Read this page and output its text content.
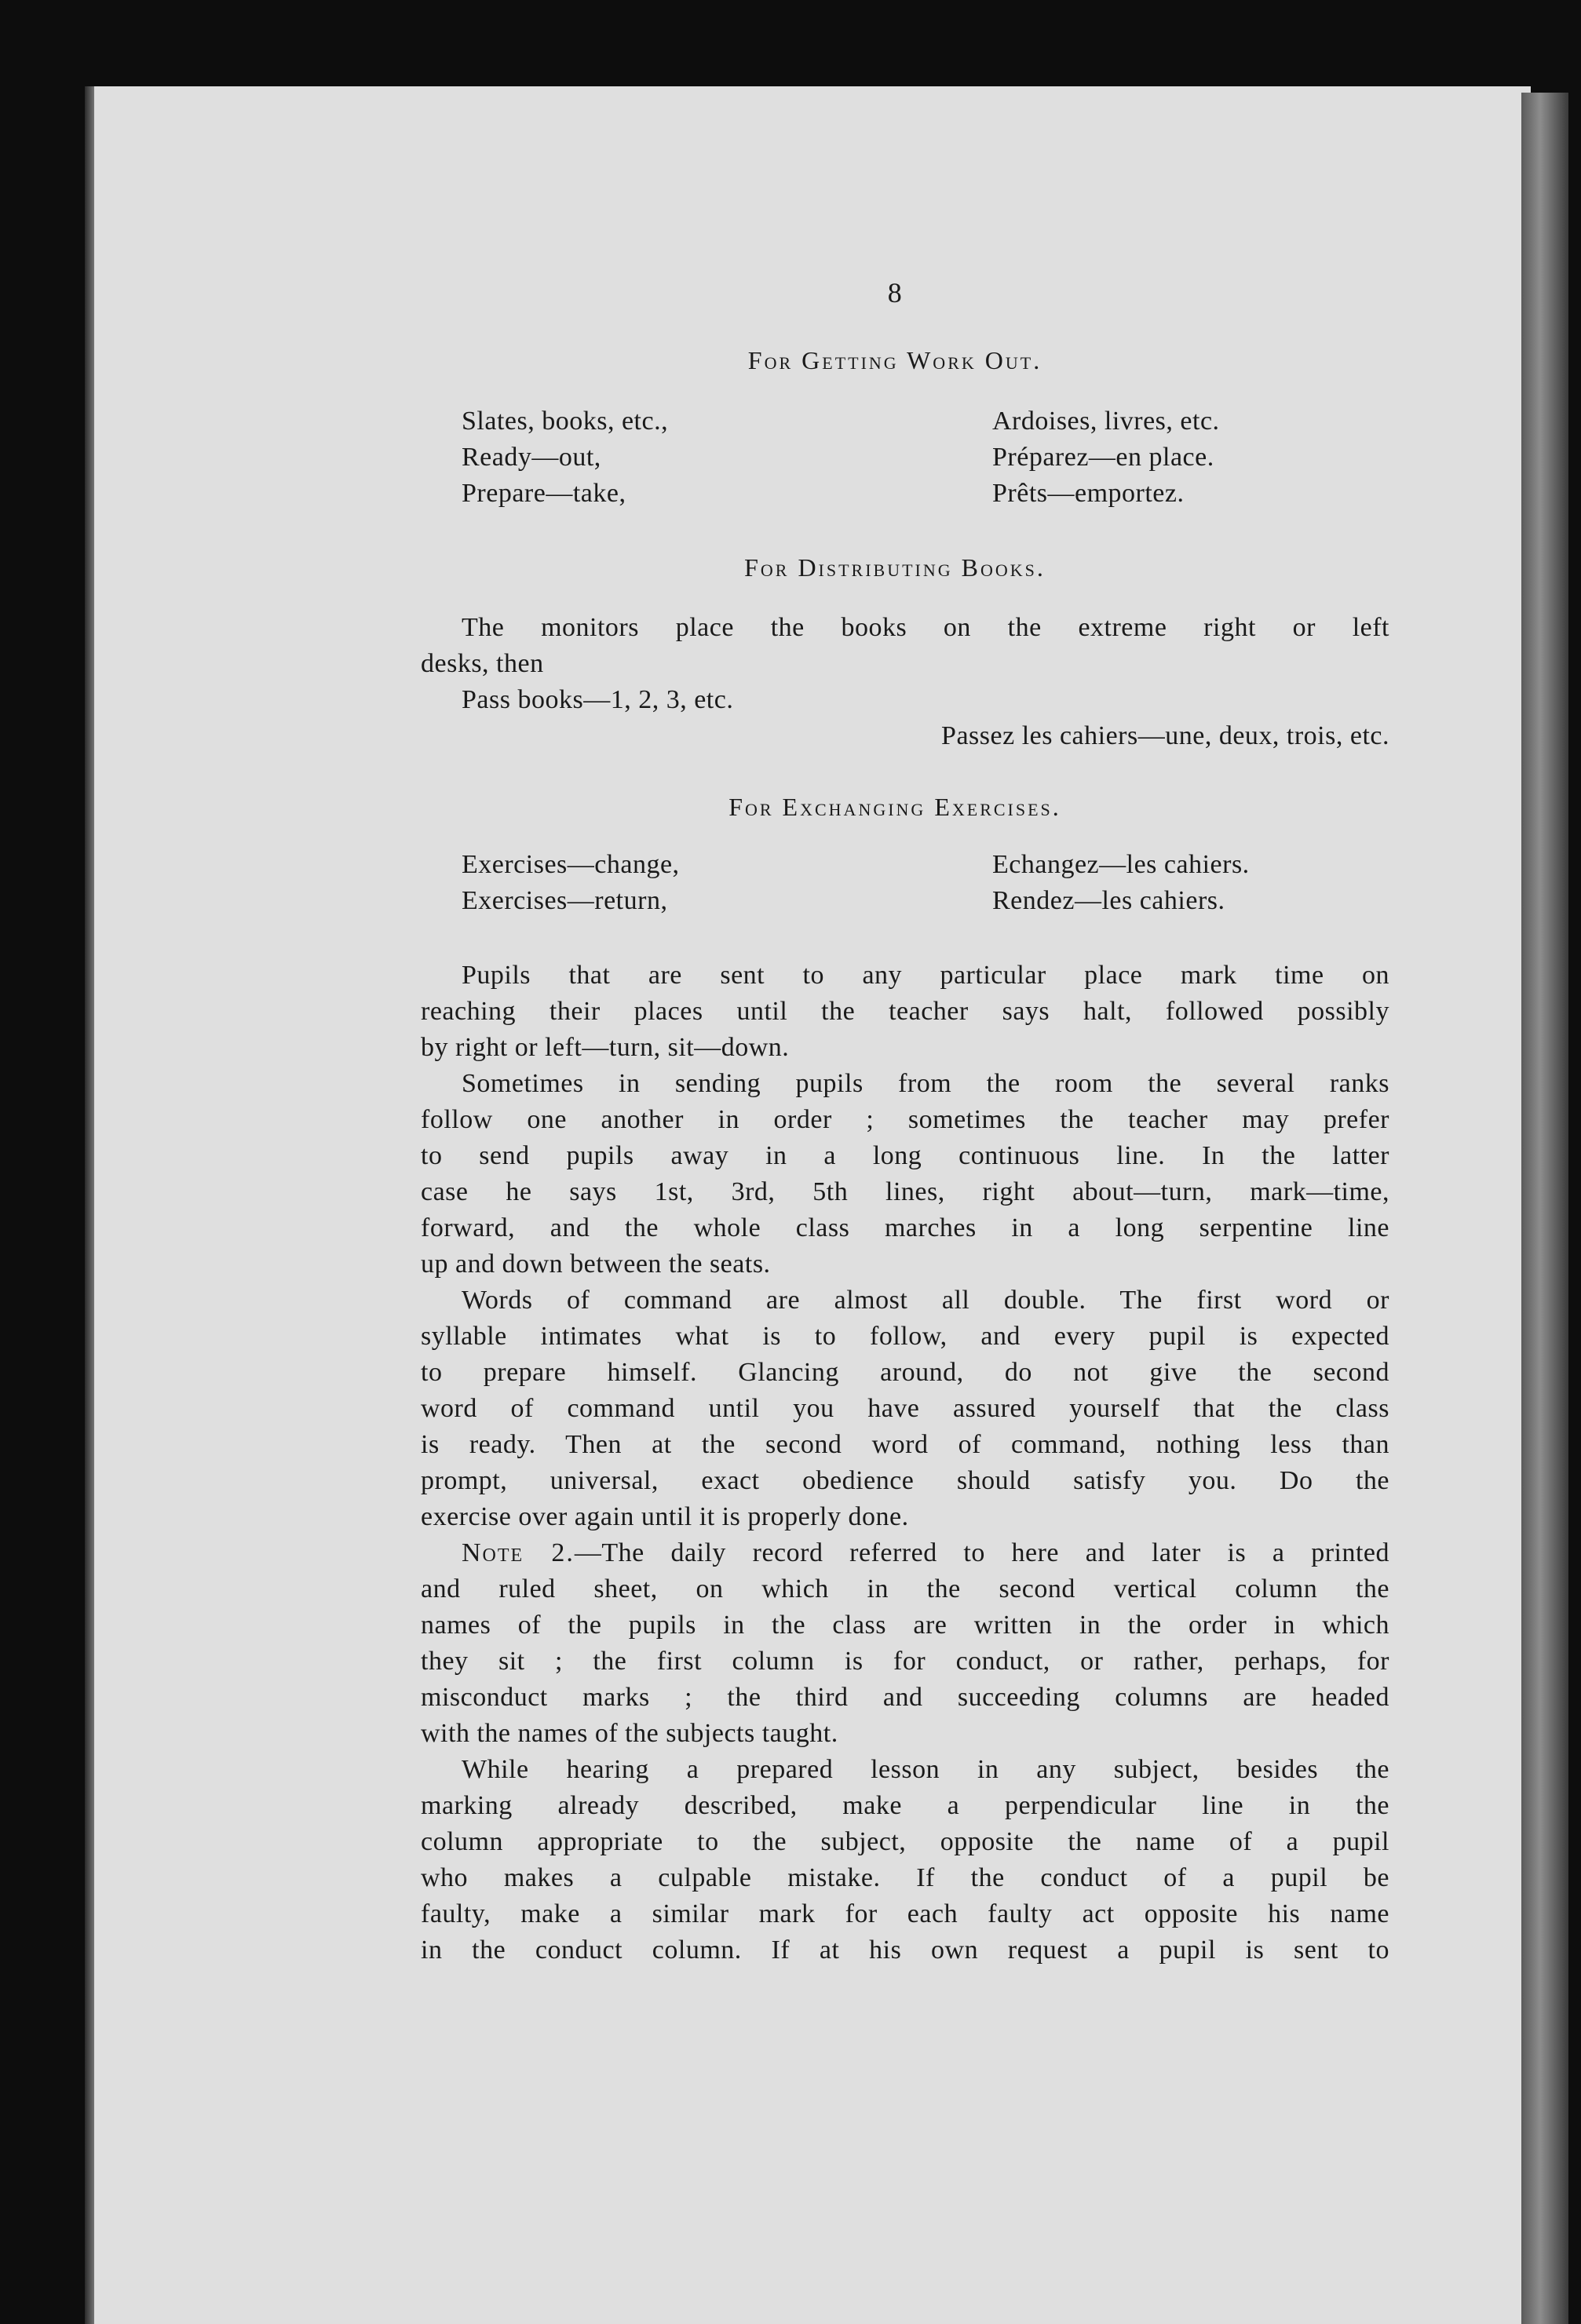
8
For Getting Work Out.
Slates, books, etc.,
Ready—out,
Prepare—take,
Ardoises, livres, etc.
Préparez—en place.
Prêts—emportez.
For Distributing Books.
The monitors place the books on the extreme right or left
desks, then
Pass books—1, 2, 3, etc.
Passez les cahiers—une, deux, trois, etc.
For Exchanging Exercises.
Exercises—change,
Exercises—return,
Echangez—les cahiers.
Rendez—les cahiers.
Pupils that are sent to any particular place mark time on
reaching their places until the teacher says halt, followed possibly
by right or left—turn, sit—down.
Sometimes in sending pupils from the room the several ranks
follow one another in order ; sometimes the teacher may prefer
to send pupils away in a long continuous line. In the latter
case he says 1st, 3rd, 5th lines, right about—turn, mark—time,
forward, and the whole class marches in a long serpentine line
up and down between the seats.
Words of command are almost all double. The first word or
syllable intimates what is to follow, and every pupil is expected
to prepare himself. Glancing around, do not give the second
word of command until you have assured yourself that the class
is ready. Then at the second word of command, nothing less than
prompt, universal, exact obedience should satisfy you. Do the
exercise over again until it is properly done.
Note 2.—The daily record referred to here and later is a printed
and ruled sheet, on which in the second vertical column the
names of the pupils in the class are written in the order in which
they sit ; the first column is for conduct, or rather, perhaps, for
misconduct marks ; the third and succeeding columns are headed
with the names of the subjects taught.
While hearing a prepared lesson in any subject, besides the
marking already described, make a perpendicular line in the
column appropriate to the subject, opposite the name of a pupil
who makes a culpable mistake. If the conduct of a pupil be
faulty, make a similar mark for each faulty act opposite his name
in the conduct column. If at his own request a pupil is sent to
